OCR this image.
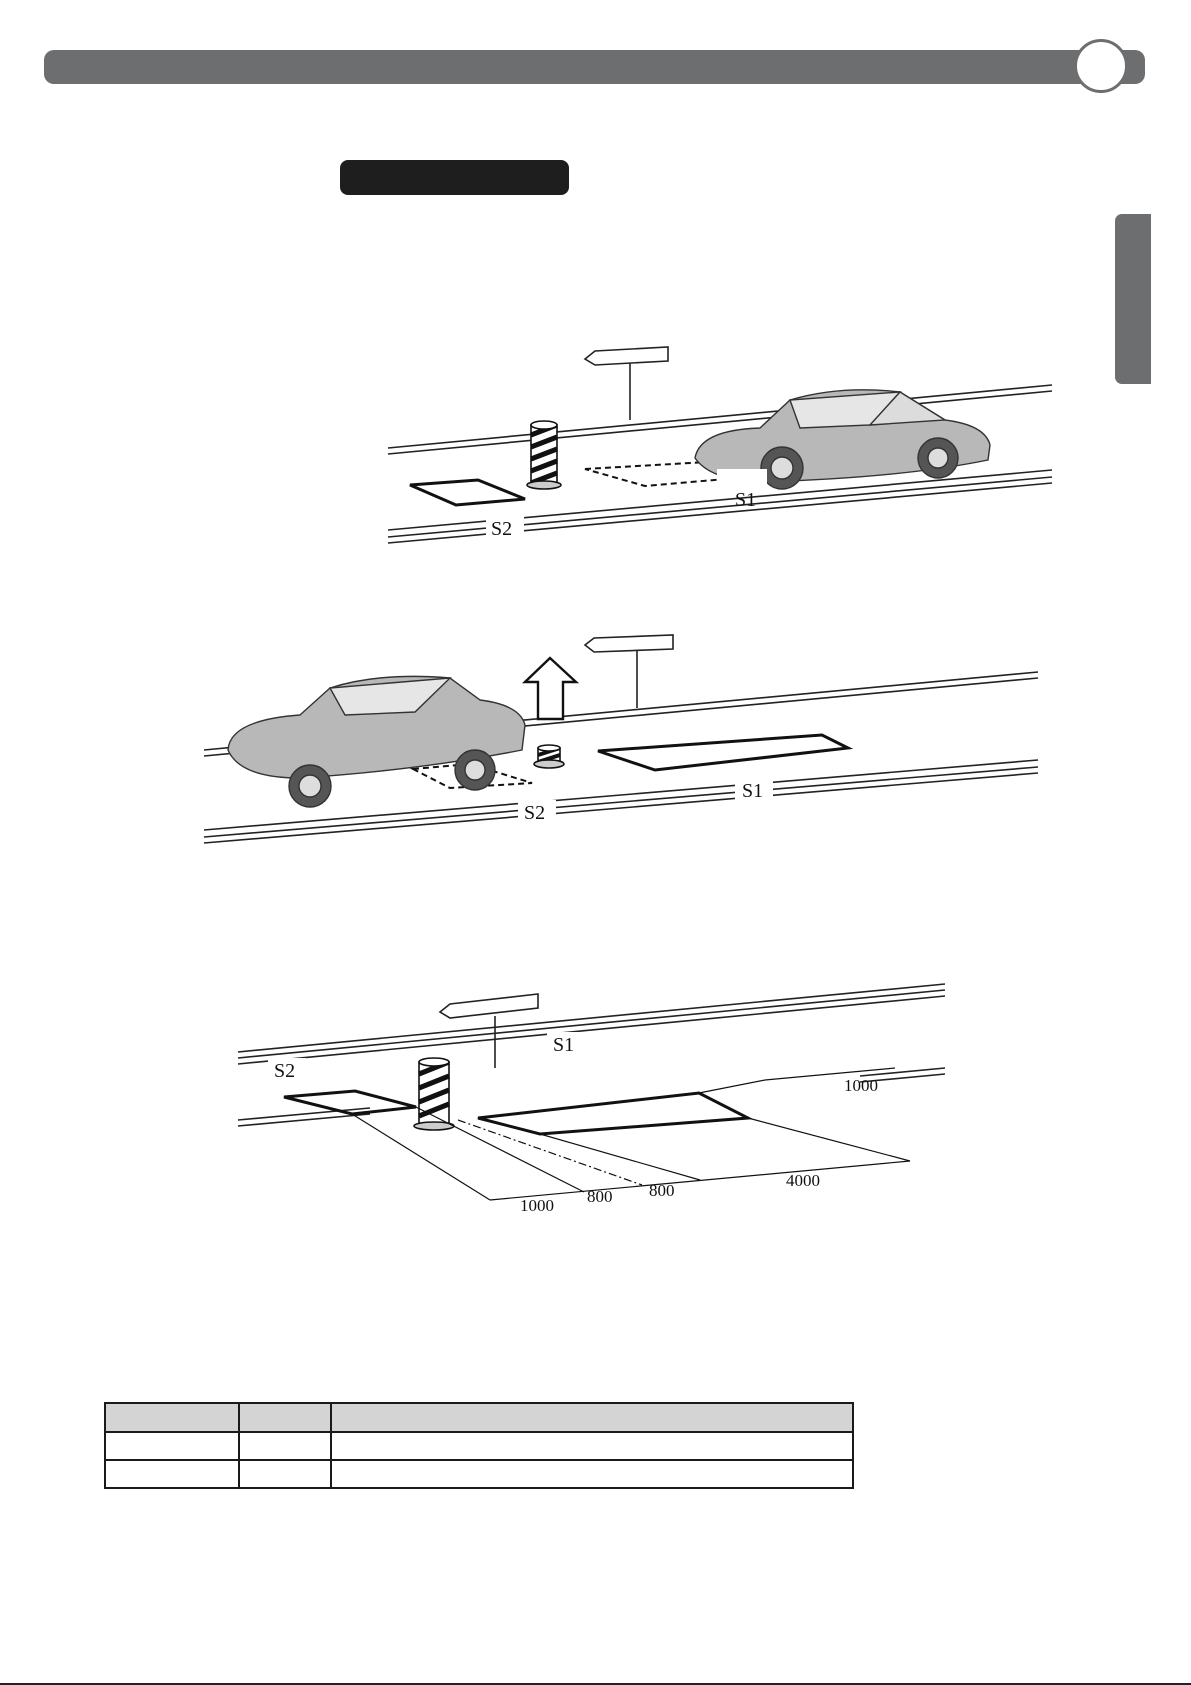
S1
S2
S1
S2
4000
1000
800 800
1000
S1
S2
